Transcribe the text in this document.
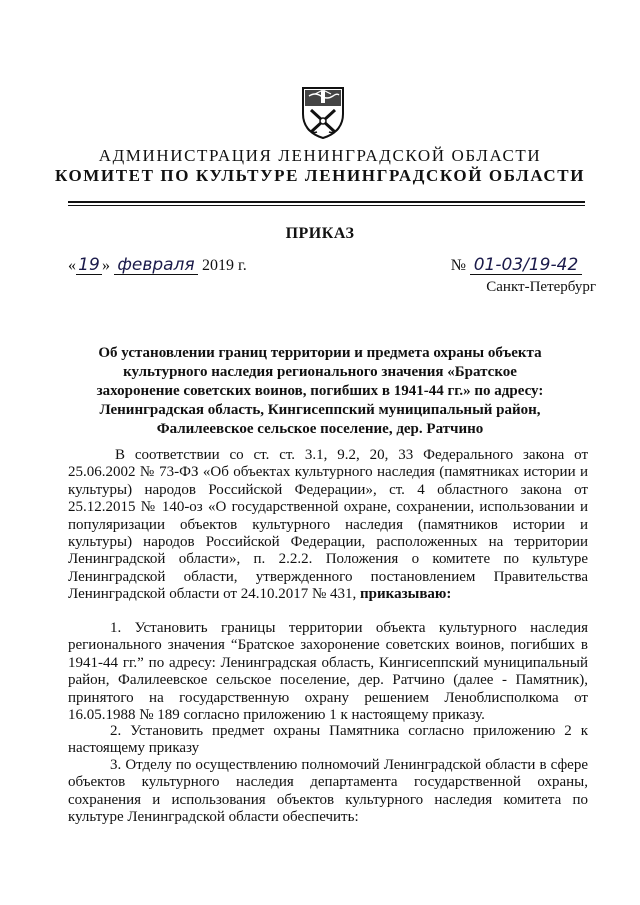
АДМИНИСТРАЦИЯ ЛЕНИНГРАДСКОЙ ОБЛАСТИ
КОМИТЕТ ПО КУЛЬТУРЕ ЛЕНИНГРАДСКОЙ ОБЛАСТИ
ПРИКАЗ
« 19 » февраля 2019 г.	№ 01-03/19-42
Санкт-Петербург
Об установлении границ территории и предмета охраны объекта культурного наследия регионального значения «Братское захоронение советских воинов, погибших в 1941-44 гг.» по адресу: Ленинградская область, Кингисеппский муниципальный район, Фалилеевское сельское поселение, дер. Ратчино
В соответствии со ст. ст. 3.1, 9.2, 20, 33 Федерального закона от 25.06.2002 № 73-ФЗ «Об объектах культурного наследия (памятниках истории и культуры) народов Российской Федерации», ст. 4 областного закона от 25.12.2015 № 140-оз «О государственной охране, сохранении, использовании и популяризации объектов культурного наследия (памятников истории и культуры) народов Российской Федерации, расположенных на территории Ленинградской области», п. 2.2.2. Положения о комитете по культуре Ленинградской области, утвержденного постановлением Правительства Ленинградской области от 24.10.2017 № 431, приказываю:
1. Установить границы территории объекта культурного наследия регионального значения “Братское захоронение советских воинов, погибших в 1941-44 гг.” по адресу: Ленинградская область, Кингисеппский муниципальный район, Фалилеевское сельское поселение, дер. Ратчино (далее - Памятник), принятого на государственную охрану решением Леноблисполкома от 16.05.1988 № 189 согласно приложению 1 к настоящему приказу.
2. Установить предмет охраны Памятника согласно приложению 2 к настоящему приказу
3. Отделу по осуществлению полномочий Ленинградской области в сфере объектов культурного наследия департамента государственной охраны, сохранения и использования объектов культурного наследия комитета по культуре Ленинградской области обеспечить:
